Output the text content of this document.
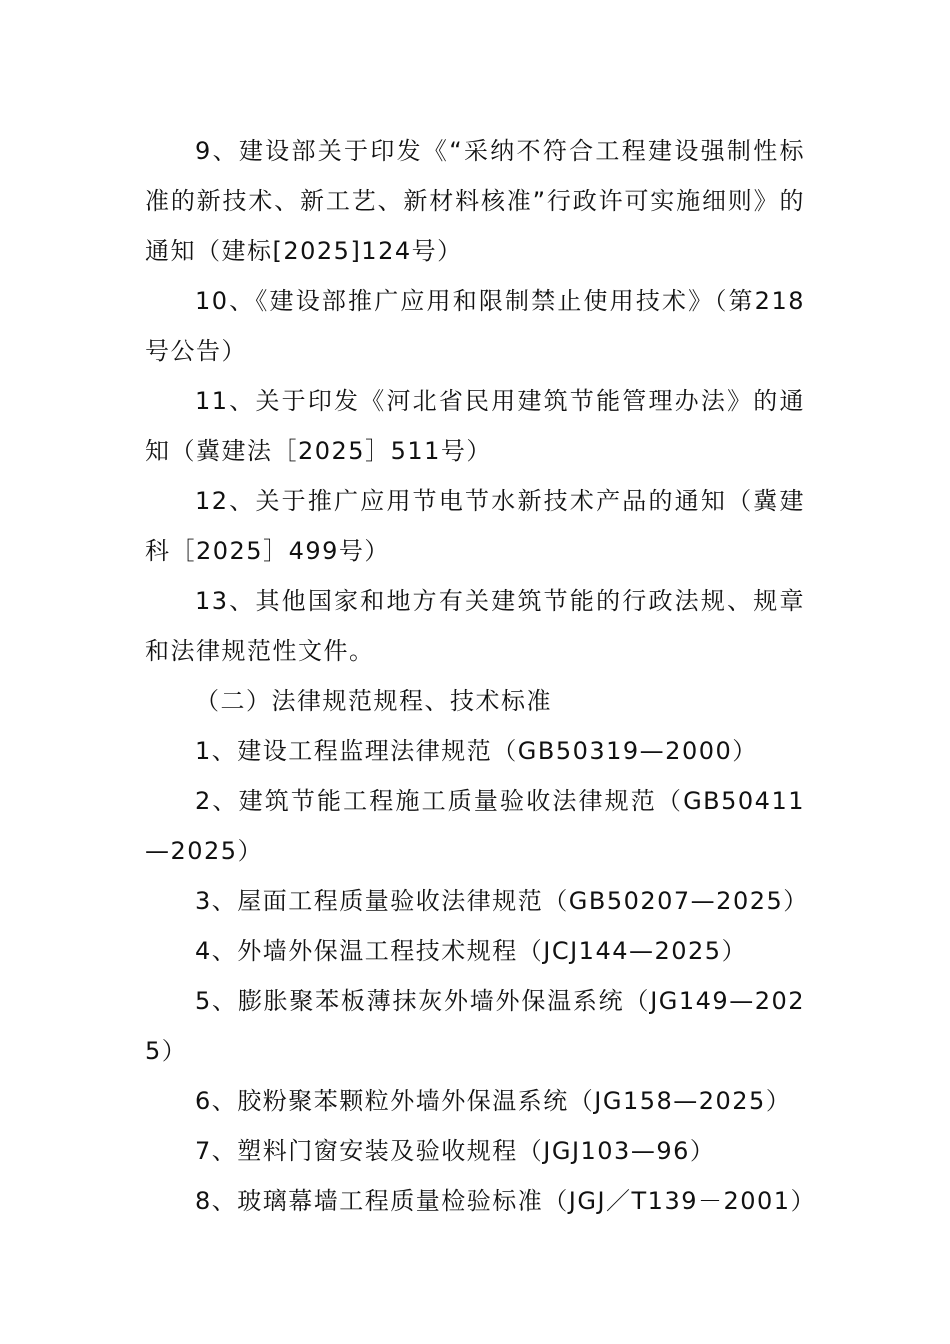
9、建设部关于印发《“采纳不符合工程建设强制性标准的新技术、新工艺、新材料核准”行政许可实施细则》的通知（建标[2025]124号）

10、《建设部推广应用和限制禁止使用技术》（第218号公告）

11、关于印发《河北省民用建筑节能管理办法》的通知（冀建法［2025］511号）

12、关于推广应用节电节水新技术产品的通知（冀建科［2025］499号）

13、其他国家和地方有关建筑节能的行政法规、规章和法律规范性文件。

（二）法律规范规程、技术标准

1、建设工程监理法律规范（GB50319—2000）

2、建筑节能工程施工质量验收法律规范（GB50411—2025）

3、屋面工程质量验收法律规范（GB50207—2025）

4、外墙外保温工程技术规程（JCJ144—2025）

5、膨胀聚苯板薄抹灰外墙外保温系统（JG149—2025）

6、胶粉聚苯颗粒外墙外保温系统（JG158—2025）

7、塑料门窗安装及验收规程（JGJ103—96）

8、玻璃幕墙工程质量检验标准（JGJ／T139－2001）
